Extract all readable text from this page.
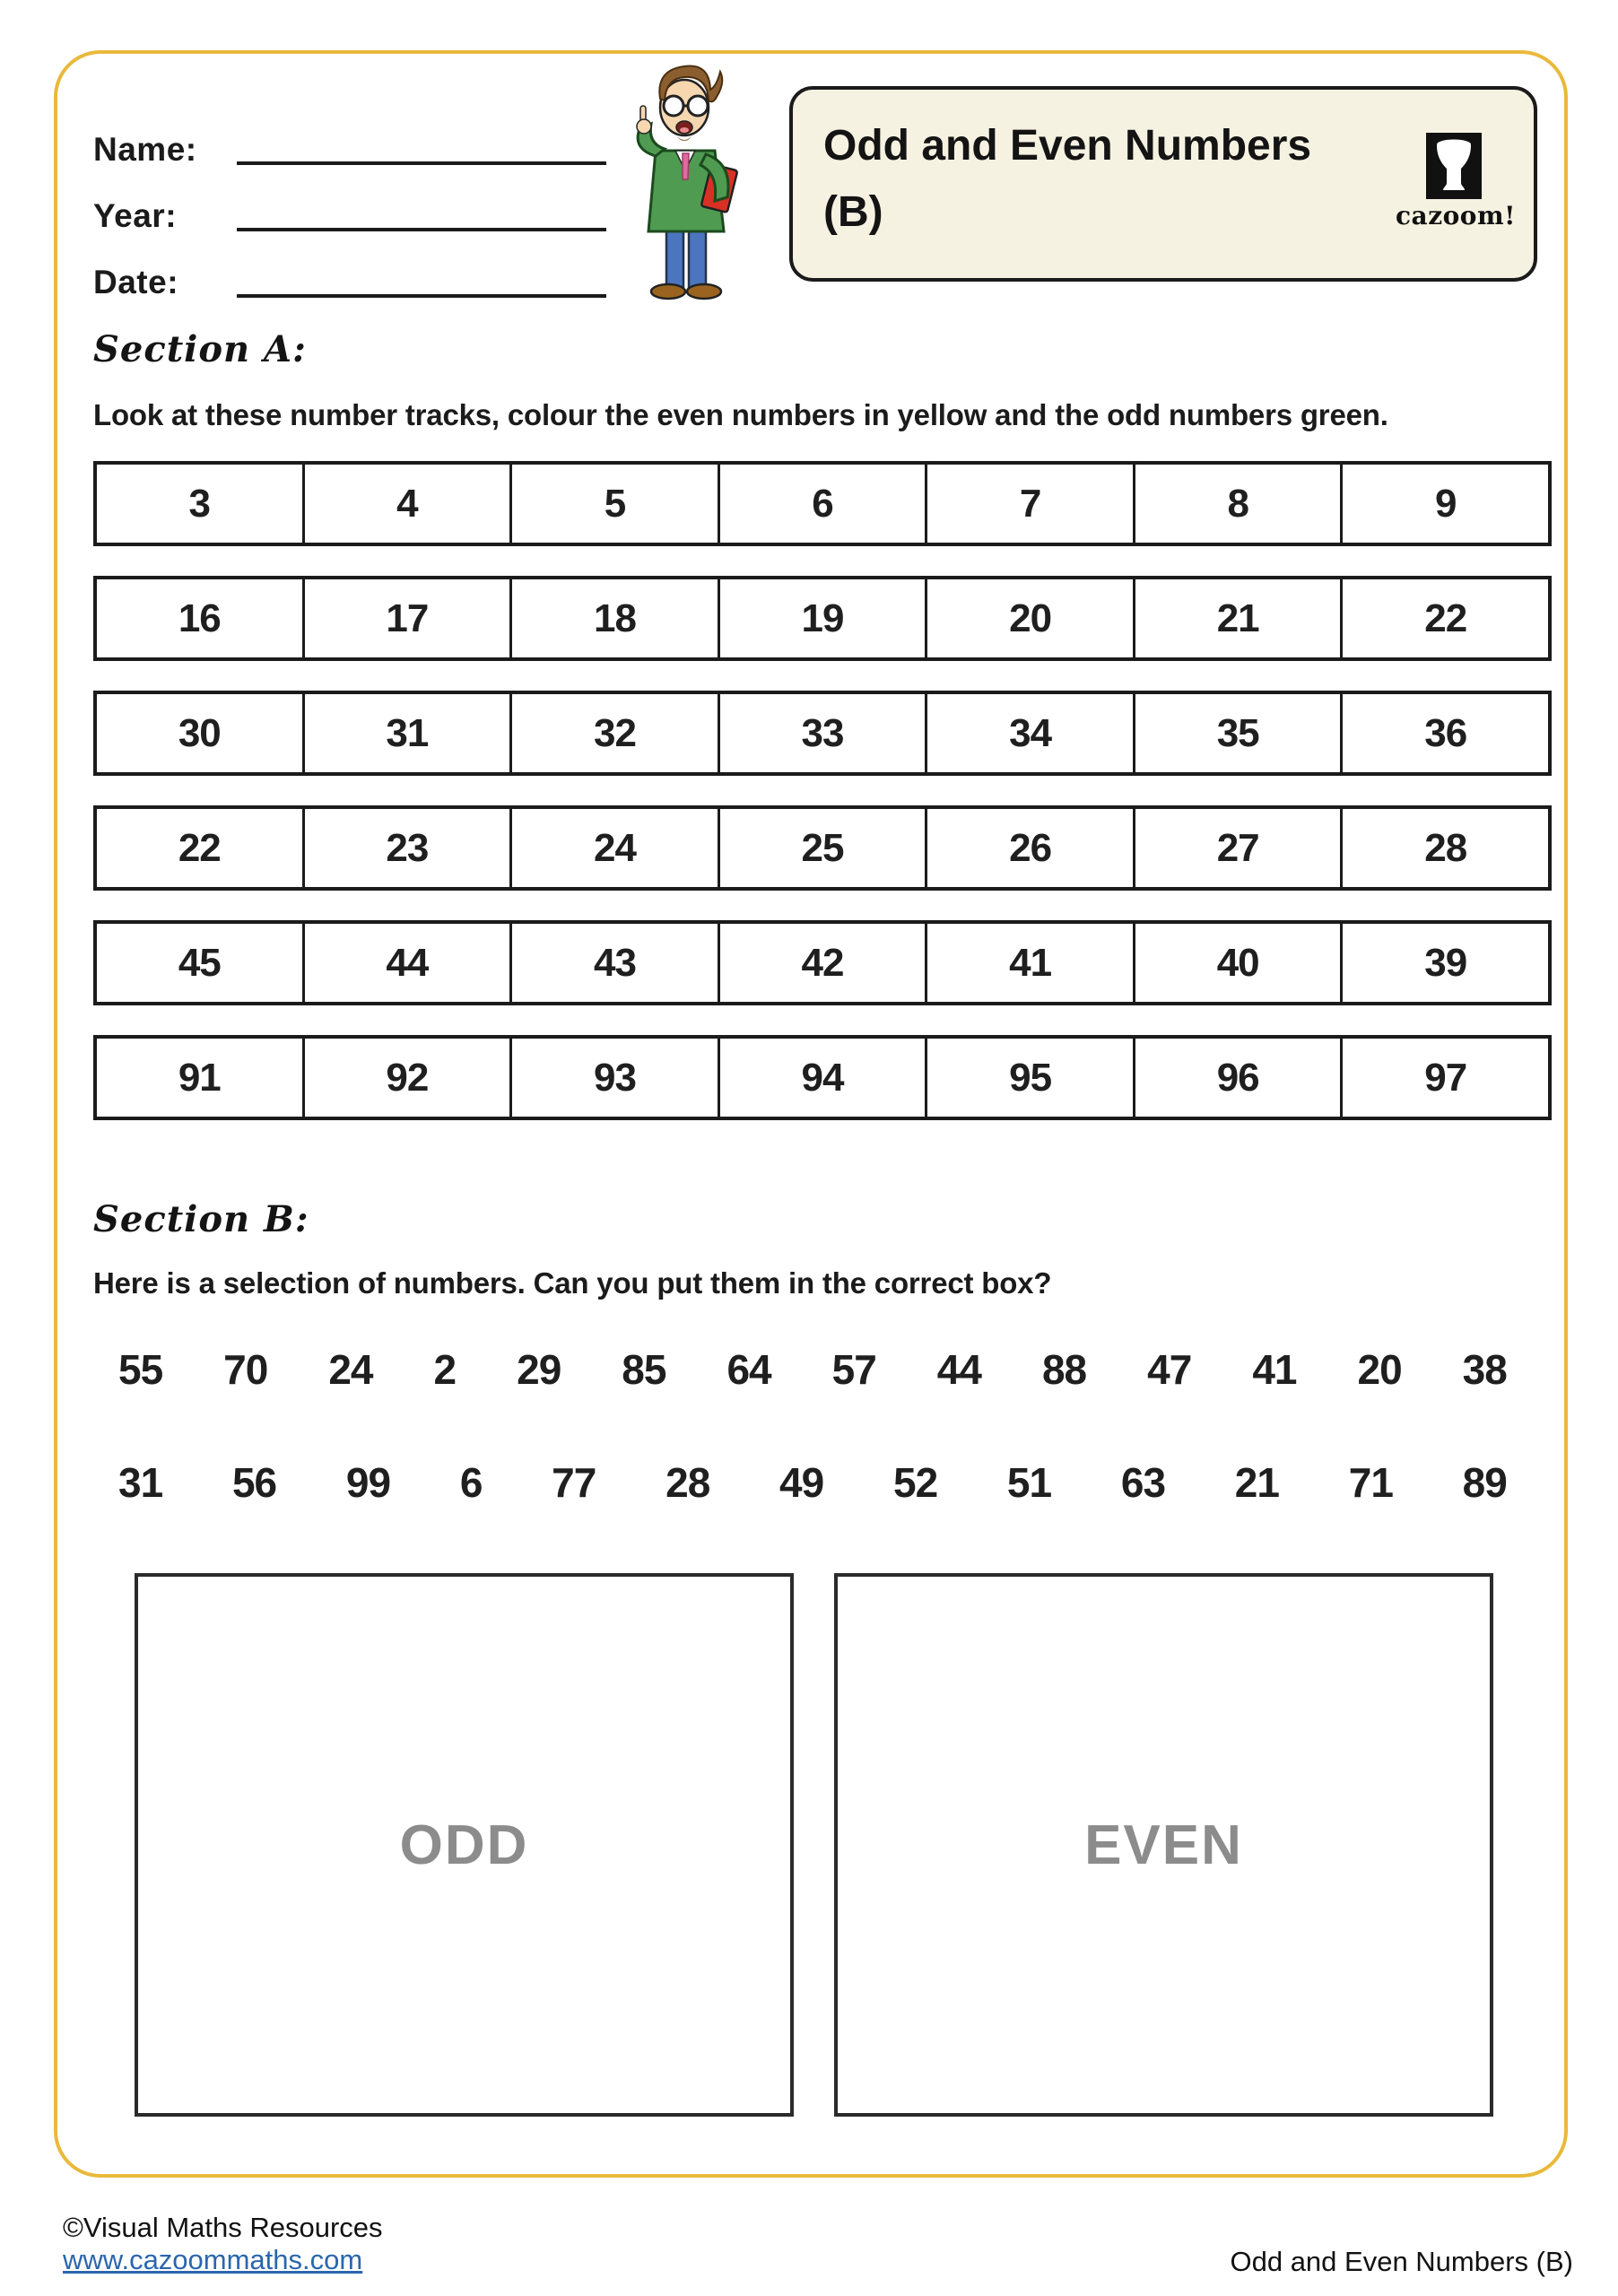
Name:
Year:
Date:
Odd and Even Numbers
(B)	cazoom!
Section A:
Look at these number tracks, colour the even numbers in yellow and the odd numbers green.
3	4	5	6	7	8	9
16	17	18	19	20	21	22
30	31	32	33	34	35	36
22	23	24	25	26	27	28
45	44	43	42	41	40	39
91	92	93	94	95	96	97
Section B:
Here is a selection of numbers. Can you put them in the correct box?
55 70 24 2 29 85 64 57 44 88 47 41 20 38
31 56 99 6 77 28 49 52 51 63 21 71 89
ODD	EVEN
©Visual Maths Resources
www.cazoommaths.com	Odd and Even Numbers (B)
